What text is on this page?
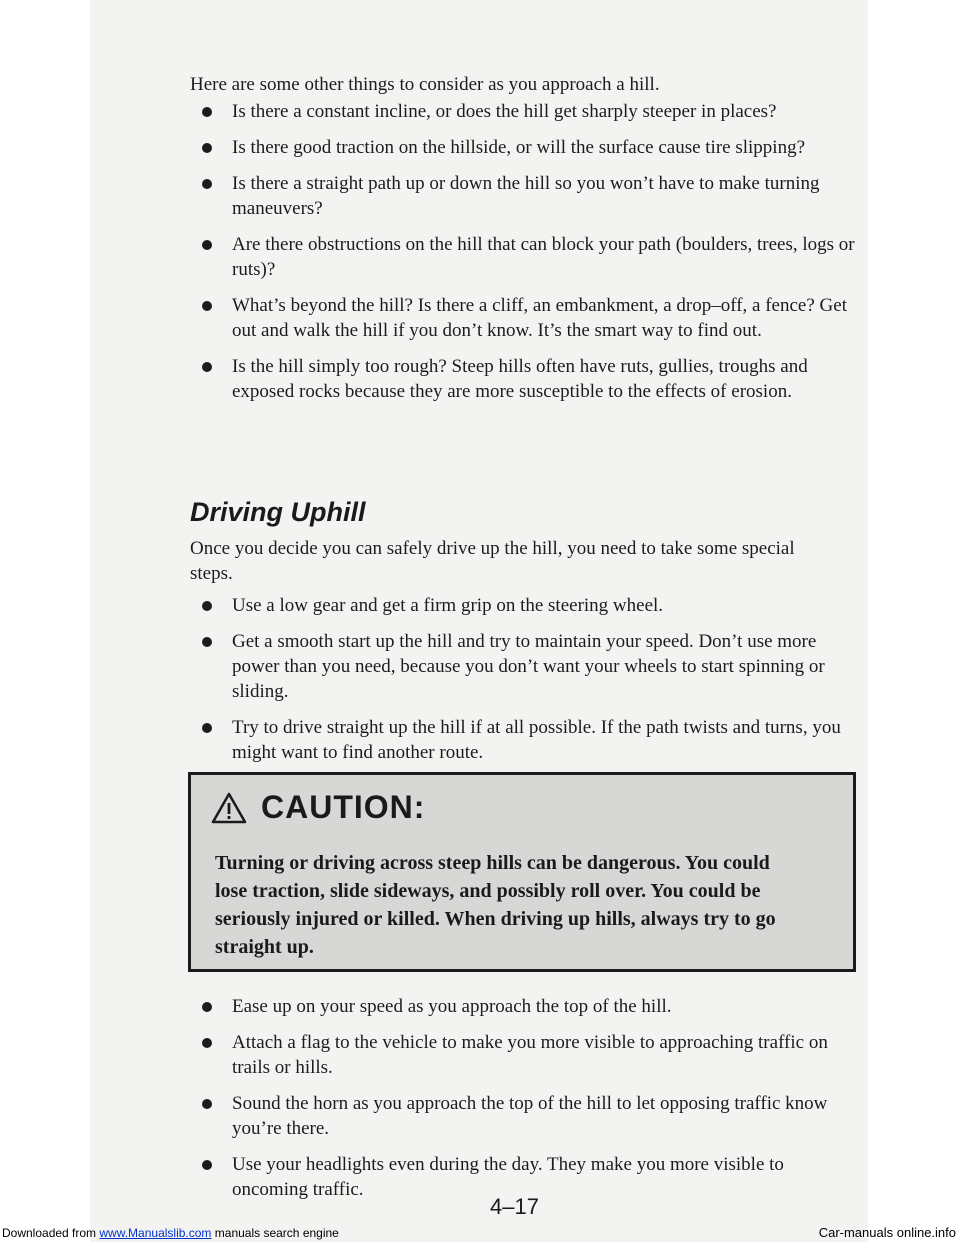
Here are some other things to consider as you approach a hill.

Is there a constant incline, or does the hill get sharply steeper in places?
Is there good traction on the hillside, or will the surface cause tire slipping?
Is there a straight path up or down the hill so you won’t have to make turning maneuvers?
Are there obstructions on the hill that can block your path (boulders, trees, logs or ruts)?
What’s beyond the hill? Is there a cliff, an embankment, a drop–off, a fence? Get out and walk the hill if you don’t know. It’s the smart way to find out.
Is the hill simply too rough? Steep hills often have ruts, gullies, troughs and exposed rocks because they are more susceptible to the effects of erosion.
Driving Uphill

Once you decide you can safely drive up the hill, you need to take some special steps.

Use a low gear and get a firm grip on the steering wheel.
Get a smooth start up the hill and try to maintain your speed. Don’t use more power than you need, because you don’t want your wheels to start spinning or sliding.
Try to drive straight up the hill if at all possible. If the path twists and turns, you might want to find another route.
CAUTION:

Turning or driving across steep hills can be dangerous. You could lose traction, slide sideways, and possibly roll over. You could be seriously injured or killed. When driving up hills, always try to go straight up.

Ease up on your speed as you approach the top of the hill.
Attach a flag to the vehicle to make you more visible to approaching traffic on trails or hills.
Sound the horn as you approach the top of the hill to let opposing traffic know you’re there.
Use your headlights even during the day. They make you more visible to oncoming traffic.
4–17
Downloaded from www.Manualslib.com manuals search engine	Car-manuals online.info
